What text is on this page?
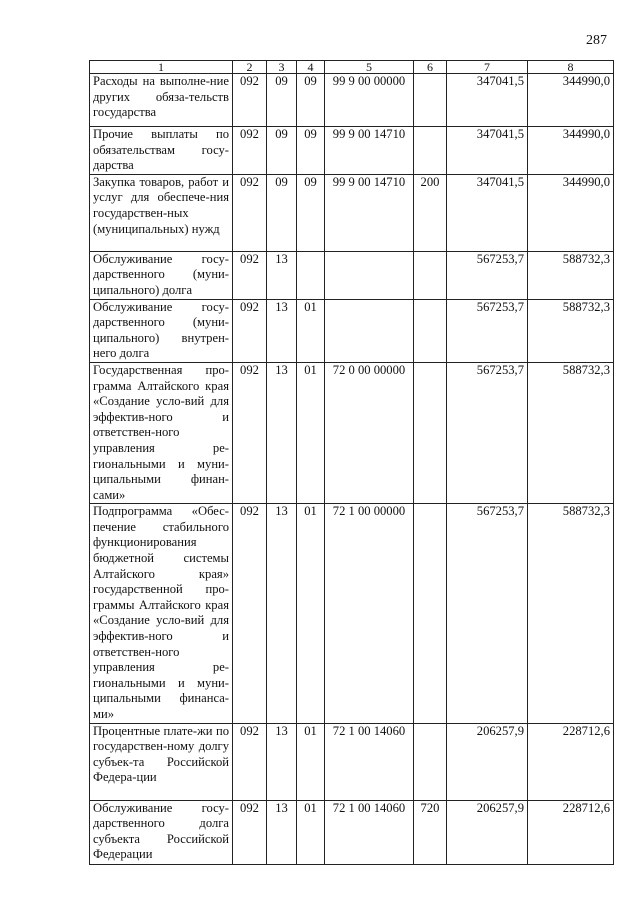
287
1	2	3	4	5	6	7	8
Расходы на выполне-ние других обяза-тельств государства	092	09	09	99 9 00 00000		347041,5	344990,0
Прочие выплаты по обязательствам госу-дарства	092	09	09	99 9 00 14710		347041,5	344990,0
Закупка товаров, работ и услуг для обеспече-ния государствен-ных (муниципальных) нужд	092	09	09	99 9 00 14710	200	347041,5	344990,0
Обслуживание госу-дарственного (муни-ципального) долга	092	13				567253,7	588732,3
Обслуживание госу-дарственного (муни-ципального) внутрен-него долга	092	13	01			567253,7	588732,3
Государственная про-грамма Алтайского края «Создание усло-вий для эффектив-ного и ответствен-ного управления ре-гиональными и муни-ципальными финан-сами»	092	13	01	72 0 00 00000		567253,7	588732,3
Подпрограмма «Обес-печение стабильного функционирования бюджетной системы Алтайского края» государственной про-граммы Алтайского края «Создание усло-вий для эффектив-ного и ответствен-ного управления ре-гиональными и муни-ципальными финанса-ми»	092	13	01	72 1 00 00000		567253,7	588732,3
Процентные плате-жи по государствен-ному долгу субъек-та Российской Федера-ции	092	13	01	72 1 00 14060		206257,9	228712,6
Обслуживание госу-дарственного долга субъекта Российской Федерации	092	13	01	72 1 00 14060	720	206257,9	228712,6
